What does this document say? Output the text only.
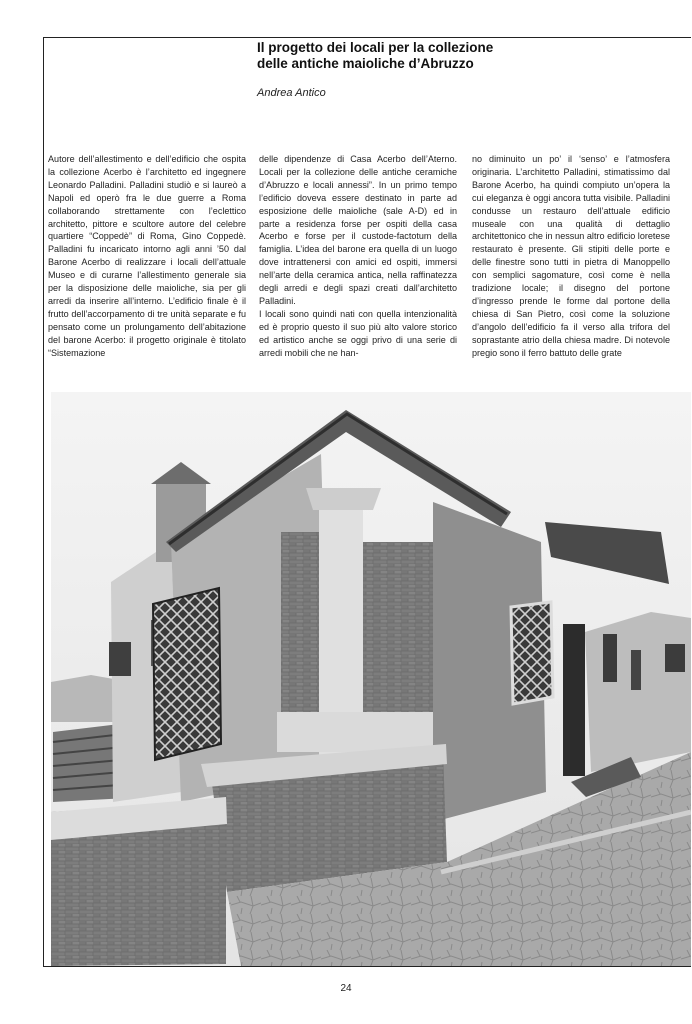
Il progetto dei locali per la collezione
delle antiche maioliche d’Abruzzo

Andrea Antico

Autore dell’allestimento e dell’edificio che ospita la collezione Acerbo è l’architetto ed ingegnere Leonardo Palladini. Palladini studiò e si laureò a Napoli ed operò fra le due guerre a Roma collaborando strettamente con l’eclettico architetto, pittore e scultore autore del celebre quartiere “Coppedè” di Roma, Gino Coppedè. Palladini fu incaricato intorno agli anni ’50 dal Barone Acerbo di realizzare i locali dell’attuale Museo e di curarne l’allestimento generale sia per la disposizione delle maioliche, sia per gli arredi da inserire all’interno. L’edificio finale è il frutto dell’accorpamento di tre unità separate e fu pensato come un prolungamento dell’abitazione del barone Acerbo: il progetto originale è titolato “Sistemazione

delle dipendenze di Casa Acerbo dell’Aterno. Locali per la collezione delle antiche ceramiche d’Abruzzo e locali annessi”. In un primo tempo l’edificio doveva essere destinato in parte ad esposizione delle maioliche (sale A-D) ed in parte a residenza forse per ospiti della casa Acerbo e forse per il custode-factotum della famiglia. L’idea del barone era quella di un luogo dove intrattenersi con amici ed ospiti, immersi nell’arte della ceramica antica, nella raffinatezza degli arredi e degli spazi creati dall’architetto Palladini.
I locali sono quindi nati con quella intenzionalità ed è proprio questo il suo più alto valore storico ed artistico anche se oggi privo di una serie di arredi mobili che ne han-

no diminuito un po’ il ‘senso’ e l’atmosfera originaria. L’architetto Palladini, stimatissimo dal Barone Acerbo, ha quindi compiuto un’opera la cui eleganza è oggi ancora tutta visibile. Palladini condusse un restauro dell’attuale edificio museale con una qualità di dettaglio architettonico che in nessun altro edificio loretese restaurato è presente. Gli stipiti delle porte e delle finestre sono tutti in pietra di Manoppello con semplici sagomature, così come è nella tradizione locale; il disegno del portone d’ingresso prende le forme dal portone della chiesa di San Pietro, così come la soluzione d’angolo dell’edificio fa il verso alla trifora del soprastante atrio della chiesa madre. Di notevole pregio sono il ferro battuto delle grate

24
